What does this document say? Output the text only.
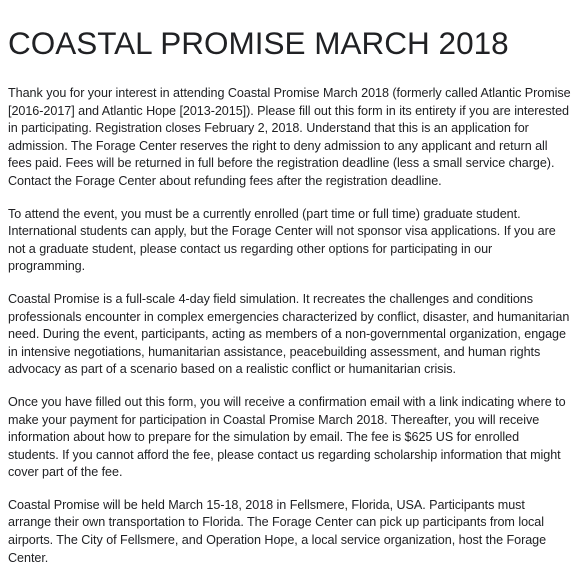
COASTAL PROMISE MARCH 2018

Thank you for your interest in attending Coastal Promise March 2018 (formerly called Atlantic Promise [2016-2017] and Atlantic Hope [2013-2015]). Please fill out this form in its entirety if you are interested in participating. Registration closes February 2, 2018. Understand that this is an application for admission. The Forage Center reserves the right to deny admission to any applicant and return all fees paid. Fees will be returned in full before the registration deadline (less a small service charge). Contact the Forage Center about refunding fees after the registration deadline.

To attend the event, you must be a currently enrolled (part time or full time) graduate student. International students can apply, but the Forage Center will not sponsor visa applications. If you are not a graduate student, please contact us regarding other options for participating in our programming.

Coastal Promise is a full-scale 4-day field simulation. It recreates the challenges and conditions professionals encounter in complex emergencies characterized by conflict, disaster, and humanitarian need. During the event, participants, acting as members of a non-governmental organization, engage in intensive negotiations, humanitarian assistance, peacebuilding assessment, and human rights advocacy as part of a scenario based on a realistic conflict or humanitarian crisis.

Once you have filled out this form, you will receive a confirmation email with a link indicating where to make your payment for participation in Coastal Promise March 2018. Thereafter, you will receive information about how to prepare for the simulation by email. The fee is $625 US for enrolled students. If you cannot afford the fee, please contact us regarding scholarship information that might cover part of the fee.

Coastal Promise will be held March 15-18, 2018 in Fellsmere, Florida, USA. Participants must arrange their own transportation to Florida. The Forage Center can pick up participants from local airports. The City of Fellsmere, and Operation Hope, a local service organization, host the Forage Center.
